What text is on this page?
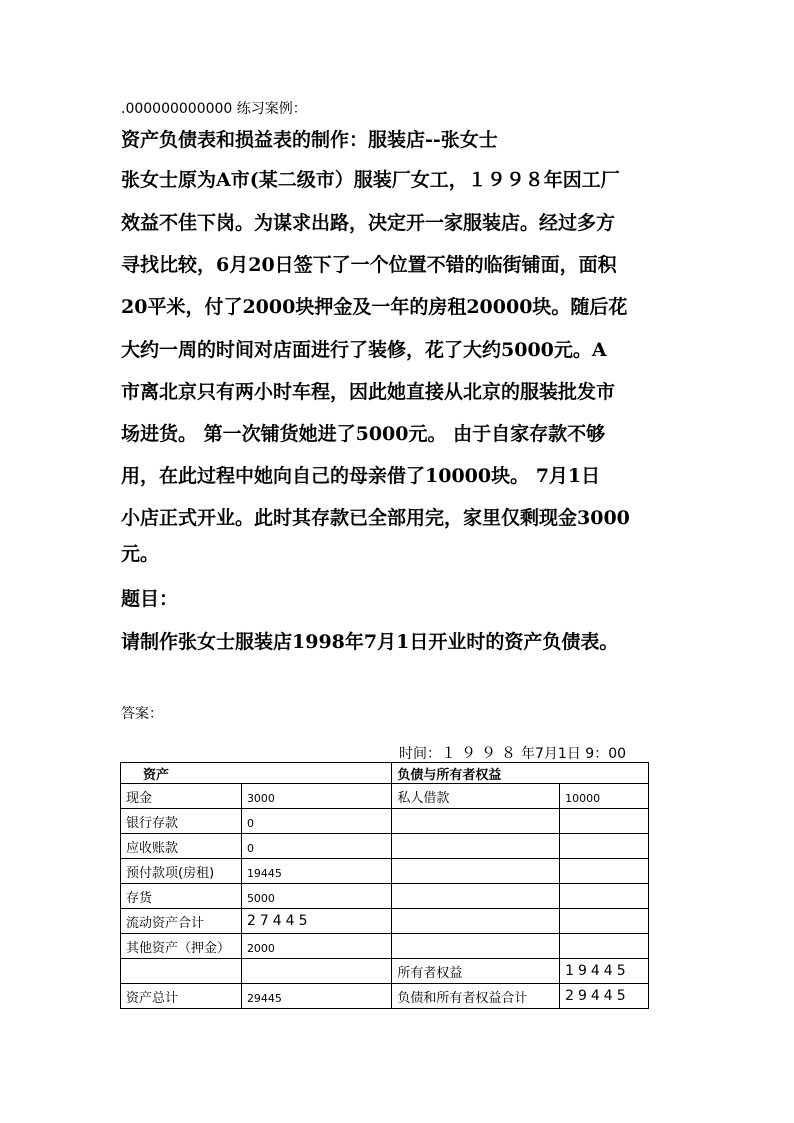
.000000000000 练习案例：
资产负债表和损益表的制作：服装店--张女士
张女士原为A市(某二级市）服装厂女工，１９９８年因工厂
效益不佳下岗。为谋求出路，决定开一家服装店。经过多方
寻找比较，6月20日签下了一个位置不错的临街铺面，面积
20平米，付了2000块押金及一年的房租20000块。随后花
大约一周的时间对店面进行了装修，花了大约5000元。A
市离北京只有两小时车程，因此她直接从北京的服装批发市
场进货。 第一次铺货她进了5000元。 由于自家存款不够
用，在此过程中她向自己的母亲借了10000块。 7月1日
小店正式开业。此时其存款已全部用完，家里仅剩现金3000
元。
题目：
请制作张女士服装店1998年7月1日开业时的资产负债表。
答案：
时间：１９９８年7月1日 9：00
资产		负债与所有者权益	
现金	3000	私人借款	10000
银行存款	0		
应收账款	0		
预付款项(房租)	19445		
存货	5000		
流动资产合计	27445		
其他资产（押金）	2000		
		所有者权益	19445
资产总计	29445	负债和所有者权益合计	29445
